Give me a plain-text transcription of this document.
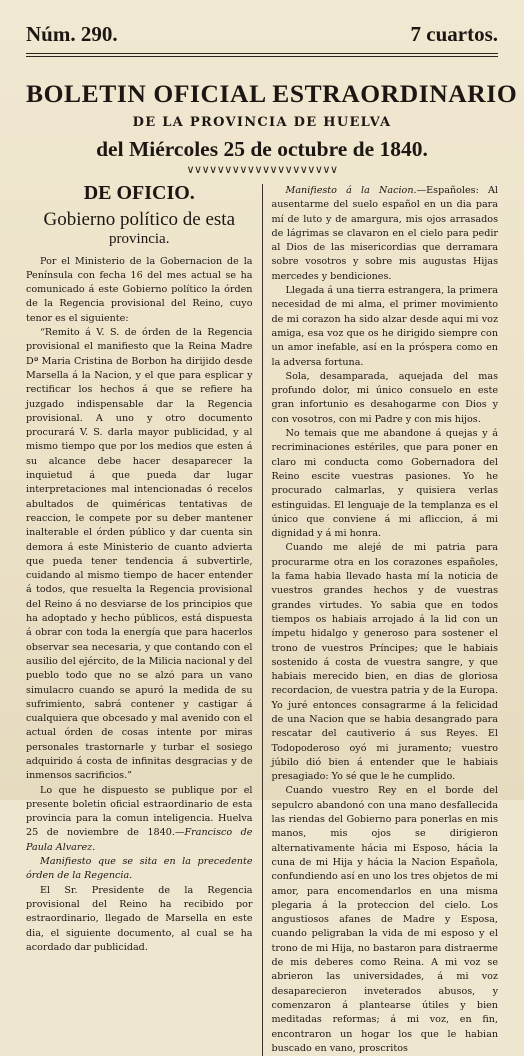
Núm. 290.	7 cuartos.
BOLETIN OFICIAL ESTRAORDINARIO
DE LA PROVINCIA DE HUELVA
del Miércoles 25 de octubre de 1840.
∨∨∨∨∨∨∨∨∨∨∨∨∨∨∨∨∨∨∨∨
DE OFICIO.
Gobierno político de esta
provincia.

Por el Ministerio de la Gobernacion de la Península con fecha 16 del mes actual se ha comunicado á este Gobierno político la órden de la Regencia provisional del Reino, cuyo tenor es el siguiente:

“Remito á V. S. de órden de la Regencia provisional el manifiesto que la Reina Madre Dª Maria Cristina de Borbon ha dirijido desde Marsella á la Nacion, y el que para esplicar y rectificar los hechos á que se refiere ha juzgado indispensable dar la Regencia provisional. A uno y otro documento procurará V. S. darla mayor publicidad, y al mismo tiempo que por los medios que esten á su alcance debe hacer desaparecer la inquietud á que pueda dar lugar interpretaciones mal intencionadas ó recelos abultados de quiméricas tentativas de reaccion, le compete por su deber mantener inalterable el órden público y dar cuenta sin demora á este Ministerio de cuanto advierta que pueda tener tendencia á subvertirle, cuidando al mismo tiempo de hacer entender á todos, que resuelta la Regencia provisional del Reino á no desviarse de los principios que ha adoptado y hecho públicos, está dispuesta á obrar con toda la energía que para hacerlos observar sea necesaria, y que contando con el ausilio del ejército, de la Milicia nacional y del pueblo todo que no se alzó para un vano simulacro cuando se apuró la medida de su sufrimiento, sabrá contener y castigar á cualquiera que obcesado y mal avenido con el actual órden de cosas intente por miras personales trastornarle y turbar el sosiego adquirido á costa de infinitas desgracias y de inmensos sacrificios.”

Lo que he dispuesto se publique por el presente boletin oficial estraordinario de esta provincia para la comun inteligencia. Huelva 25 de noviembre de 1840.—Francisco de Paula Alvarez.

Manifiesto que se sita en la precedente órden de la Regencia.

El Sr. Presidente de la Regencia provisional del Reino ha recibido por estraordinario, llegado de Marsella en este dia, el siguiente documento, al cual se ha acordado dar publicidad.

Manifiesto á la Nacion.—Españoles: Al ausentarme del suelo español en un dia para mí de luto y de amargura, mis ojos arrasados de lágrimas se clavaron en el cielo para pedir al Dios de las misericordias que derramara sobre vosotros y sobre mis augustas Hijas mercedes y bendiciones.

Llegada á una tierra estrangera, la primera necesidad de mi alma, el primer movimiento de mi corazon ha sido alzar desde aqui mi voz amiga, esa voz que os he dirigido siempre con un amor inefable, así en la próspera como en la adversa fortuna.

Sola, desamparada, aquejada del mas profundo dolor, mi único consuelo en este gran infortunio es desahogarme con Dios y con vosotros, con mi Padre y con mis hijos.

No temais que me abandone á quejas y á recriminaciones estériles, que para poner en claro mi conducta como Gobernadora del Reino escite vuestras pasiones. Yo he procurado calmarlas, y quisiera verlas estinguidas. El lenguaje de la templanza es el único que conviene á mi afliccion, á mi dignidad y á mi honra.

Cuando me alejé de mi patria para procurarme otra en los corazones españoles, la fama habia llevado hasta mí la noticia de vuestros grandes hechos y de vuestras grandes virtudes. Yo sabia que en todos tiempos os habiais arrojado á la lid con un ímpetu hidalgo y generoso para sostener el trono de vuestros Príncipes; que le habiais sostenido á costa de vuestra sangre, y que habiais merecido bien, en dias de gloriosa recordacion, de vuestra patria y de la Europa. Yo juré entonces consagrarme á la felicidad de una Nacion que se habia desangrado para rescatar del cautiverio á sus Reyes. El Todopoderoso oyó mi juramento; vuestro júbilo dió bien á entender que le habiais presagiado: Yo sé que le he cumplido.

Cuando vuestro Rey en el borde del sepulcro abandonó con una mano desfallecida las riendas del Gobierno para ponerlas en mis manos, mis ojos se dirigieron alternativamente hácia mi Esposo, hácia la cuna de mi Hija y hácia la Nacion Española, confundiendo así en uno los tres objetos de mi amor, para encomendarlos en una misma plegaria á la proteccion del cielo. Los angustiosos afanes de Madre y Esposa, cuando peligraban la vida de mi esposo y el trono de mi Hija, no bastaron para distraerme de mis deberes como Reina. A mi voz se abrieron las universidades, á mi voz desaparecieron inveterados abusos, y comenzaron á plantearse útiles y bien meditadas reformas; á mi voz, en fin, encontraron un hogar los que le habian buscado en vano, proscritos
